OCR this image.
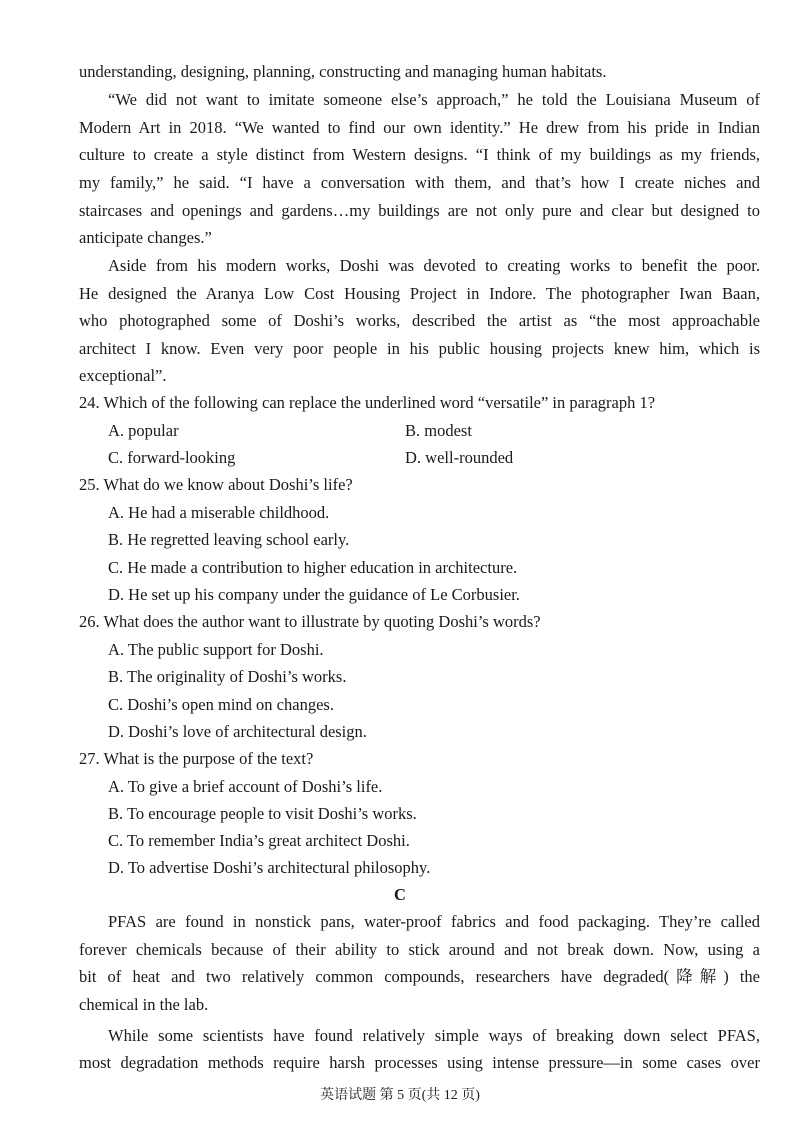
understanding, designing, planning, constructing and managing human habitats.
“We did not want to imitate someone else’s approach,” he told the Louisiana Museum of
Modern Art in 2018. “We wanted to find our own identity.” He drew from his pride in Indian
culture to create a style distinct from Western designs. “I think of my buildings as my friends,
my family,” he said. “I have a conversation with them, and that’s how I create niches and
staircases and openings and gardens…my buildings are not only pure and clear but designed to
anticipate changes.”
Aside from his modern works, Doshi was devoted to creating works to benefit the poor.
He designed the Aranya Low Cost Housing Project in Indore. The photographer Iwan Baan,
who photographed some of Doshi’s works, described the artist as “the most approachable
architect I know. Even very poor people in his public housing projects knew him, which is
exceptional”.
24. Which of the following can replace the underlined word “versatile” in paragraph 1?
A. popular	B. modest
C. forward-looking	D. well-rounded
25. What do we know about Doshi’s life?
A. He had a miserable childhood.
B. He regretted leaving school early.
C. He made a contribution to higher education in architecture.
D. He set up his company under the guidance of Le Corbusier.
26. What does the author want to illustrate by quoting Doshi’s words?
A. The public support for Doshi.
B. The originality of Doshi’s works.
C. Doshi’s open mind on changes.
D. Doshi’s love of architectural design.
27. What is the purpose of the text?
A. To give a brief account of Doshi’s life.
B. To encourage people to visit Doshi’s works.
C. To remember India’s great architect Doshi.
D. To advertise Doshi’s architectural philosophy.
C
PFAS are found in nonstick pans, water-proof fabrics and food packaging. They’re called
forever chemicals because of their ability to stick around and not break down. Now, using a
bit of heat and two relatively common compounds, researchers have degraded(降解) the
chemical in the lab.
While some scientists have found relatively simple ways of breaking down select PFAS,
most degradation methods require harsh processes using intense pressure—in some cases over
英语试题 第 5 页(共 12 页)
